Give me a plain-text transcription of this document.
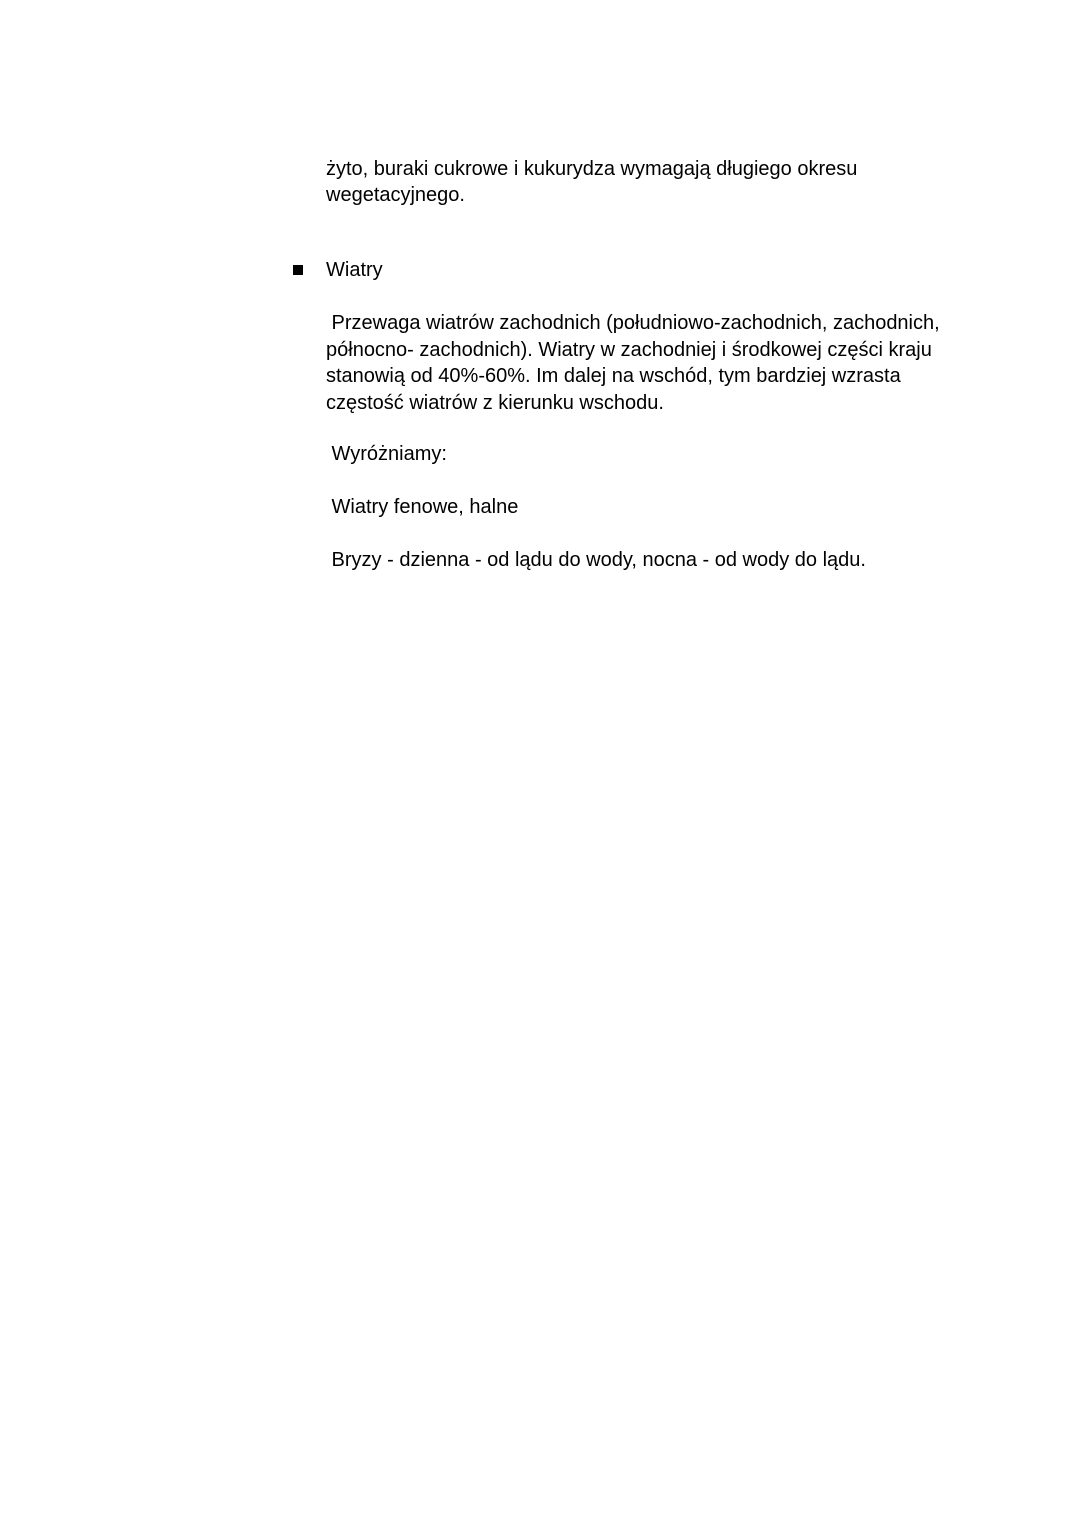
żyto, buraki cukrowe i kukurydza wymagają długiego okresu

wegetacyjnego.

Wiatry

Przewaga wiatrów zachodnich (południowo-zachodnich, zachodnich,

północno- zachodnich). Wiatry w zachodniej i środkowej części kraju

stanowią od 40%-60%. Im dalej na wschód, tym bardziej wzrasta

częstość wiatrów z kierunku wschodu.

Wyróżniamy:

Wiatry fenowe, halne

Bryzy - dzienna - od lądu do wody, nocna - od wody do lądu.
